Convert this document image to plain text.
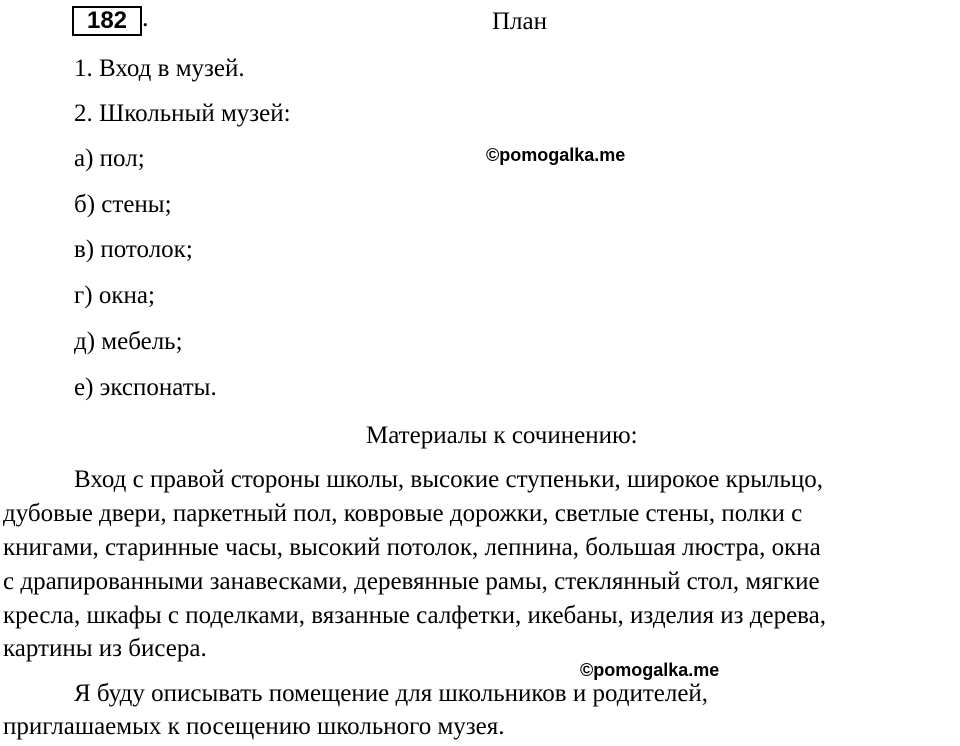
182 .	План
1. Вход в музей.
2. Школьный музей:
а) пол;
б) стены;
в) потолок;
г) окна;
д) мебель;
е) экспонаты.
©pomogalka.me
Материалы к сочинению:
Вход с правой стороны школы, высокие ступеньки, широкое крыльцо,
дубовые двери, паркетный пол, ковровые дорожки, светлые стены, полки с
книгами, старинные часы, высокий потолок, лепнина, большая люстра, окна
с драпированными занавесками, деревянные рамы, стеклянный стол, мягкие
кресла, шкафы с поделками, вязанные салфетки, икебаны, изделия из дерева,
картины из бисера.
©pomogalka.me
Я буду описывать помещение для школьников и родителей,
приглашаемых к посещению школьного музея.
